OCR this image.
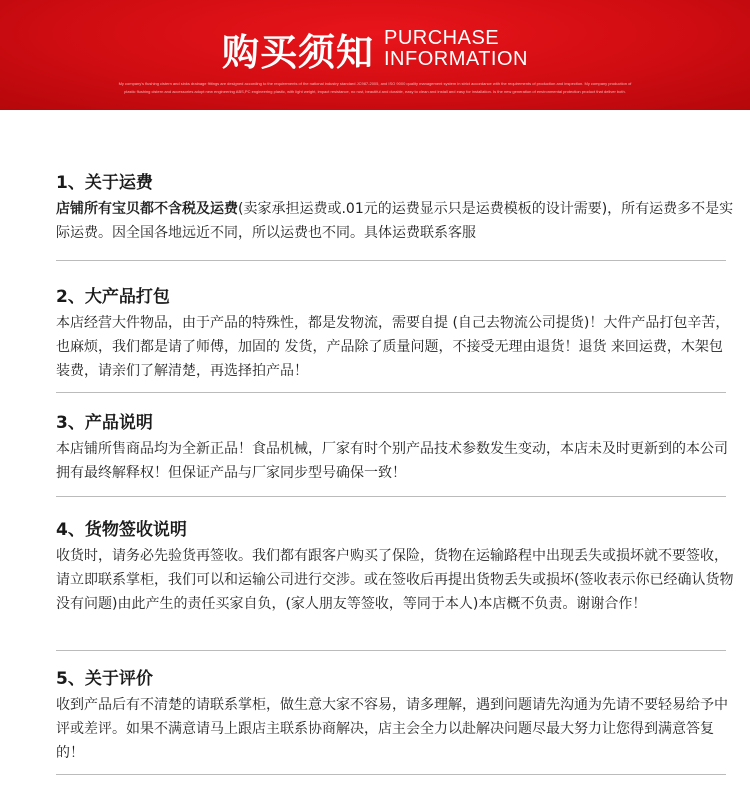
购买须知 PURCHASE
INFORMATION
My company's flushing cistern and sinks drainage fittings are designed according to the requirements of the national industry standard JC987-2005, and ISO 9000 quality management system in strict accordance with the requirements of production and inspection. My company production of plastic flushing cistern and accessories adopt new engineering ABS,PC engineering plastic, with light weight, impact resistance, no rust, beautiful and durable, easy to clean and install and easy for installation. Is the new generation of environmental protection product that deliver both.
1、关于运费
店铺所有宝贝都不含税及运费(卖家承担运费或.01元的运费显示只是运费模板的设计需要)，所有运费多不是实际运费。因全国各地远近不同，所以运费也不同。具体运费联系客服
2、大产品打包
本店经营大件物品，由于产品的特殊性，都是发物流，需要自提 (自己去物流公司提货)！大件产品打包辛苦，也麻烦，我们都是请了师傅，加固的 发货，产品除了质量问题，不接受无理由退货！退货 来回运费，木架包装费，请亲们了解清楚，再选择拍产品！
3、产品说明
本店铺所售商品均为全新正品！食品机械，厂家有时个别产品技术参数发生变动，本店未及时更新到的本公司拥有最终解释权！但保证产品与厂家同步型号确保一致！
4、货物签收说明
收货时，请务必先验货再签收。我们都有跟客户购买了保险，货物在运输路程中出现丢失或损坏就不要签收，请立即联系掌柜，我们可以和运输公司进行交涉。或在签收后再提出货物丢失或损坏(签收表示你已经确认货物没有问题)由此产生的责任买家自负，(家人朋友等签收，等同于本人)本店概不负责。谢谢合作！
5、关于评价
收到产品后有不清楚的请联系掌柜，做生意大家不容易，请多理解，遇到问题请先沟通为先请不要轻易给予中评或差评。如果不满意请马上跟店主联系协商解决，店主会全力以赴解决问题尽最大努力让您得到满意答复的！
